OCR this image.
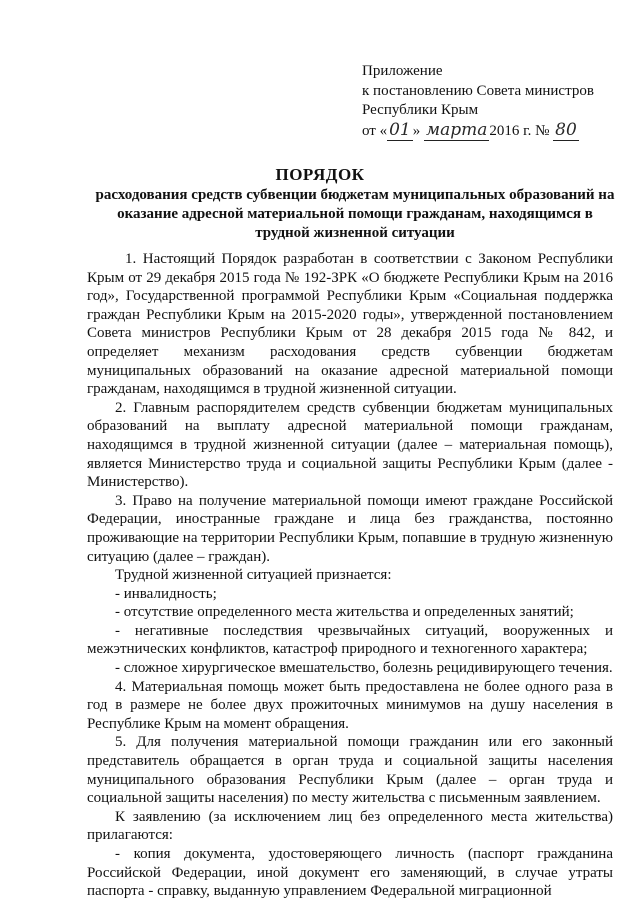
Приложение
к постановлению Совета министров
Республики Крым
от « 01 » марта 2016 г. № 80
ПОРЯДОК
расходования средств субвенции бюджетам муниципальных образований на оказание адресной материальной помощи гражданам, находящимся в трудной жизненной ситуации

1. Настоящий Порядок разработан в соответствии с Законом Республики Крым от 29 декабря 2015 года № 192-ЗРК «О бюджете Республики Крым на 2016 год», Государственной программой Республики Крым «Социальная поддержка граждан Республики Крым на 2015-2020 годы», утвержденной постановлением Совета министров Республики Крым от 28 декабря 2015 года № 842, и определяет механизм расходования средств субвенции бюджетам муниципальных образований на оказание адресной материальной помощи гражданам, находящимся в трудной жизненной ситуации.

2. Главным распорядителем средств субвенции бюджетам муниципальных образований на выплату адресной материальной помощи гражданам, находящимся в трудной жизненной ситуации (далее – материальная помощь), является Министерство труда и социальной защиты Республики Крым (далее - Министерство).

3. Право на получение материальной помощи имеют граждане Российской Федерации, иностранные граждане и лица без гражданства, постоянно проживающие на территории Республики Крым, попавшие в трудную жизненную ситуацию (далее – граждан).

Трудной жизненной ситуацией признается:

- инвалидность;

- отсутствие определенного места жительства и определенных занятий;

- негативные последствия чрезвычайных ситуаций, вооруженных и межэтнических конфликтов, катастроф природного и техногенного характера;

- сложное хирургическое вмешательство, болезнь рецидивирующего течения.

4. Материальная помощь может быть предоставлена не более одного раза в год в размере не более двух прожиточных минимумов на душу населения в Республике Крым на момент обращения.

5. Для получения материальной помощи гражданин или его законный представитель обращается в орган труда и социальной защиты населения муниципального образования Республики Крым (далее – орган труда и социальной защиты населения) по месту жительства с письменным заявлением.

К заявлению (за исключением лиц без определенного места жительства) прилагаются:

- копия документа, удостоверяющего личность (паспорт гражданина Российской Федерации, иной документ его заменяющий, в случае утраты паспорта - справку, выданную управлением Федеральной миграционной
